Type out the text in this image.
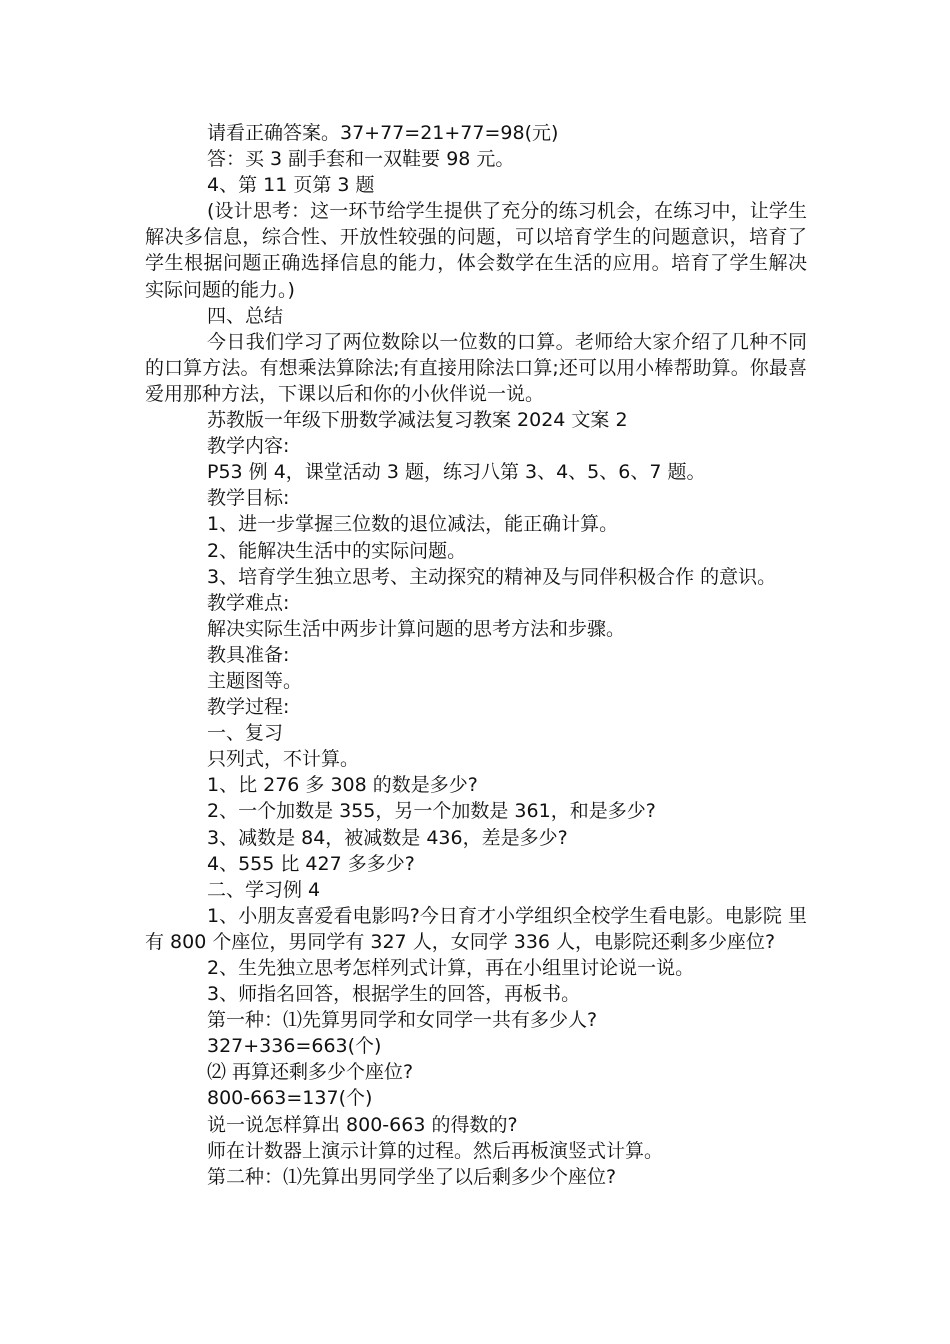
请看正确答案。37+77=21+77=98(元)
答：买 3 副手套和一双鞋要 98 元。
4、第 11 页第 3 题
(设计思考：这一环节给学生提供了充分的练习机会，在练习中，让学生解决多信息，综合性、开放性较强的问题，可以培育学生的问题意识，培育了学生根据问题正确选择信息的能力，体会数学在生活的应用。培育了学生解决实际问题的能力。)
四、总结
今日我们学习了两位数除以一位数的口算。老师给大家介绍了几种不同的口算方法。有想乘法算除法;有直接用除法口算;还可以用小棒帮助算。你最喜爱用那种方法，下课以后和你的小伙伴说一说。
苏教版一年级下册数学减法复习教案 2024 文案 2
教学内容:
P53 例 4，课堂活动 3 题，练习八第 3、4、5、6、7 题。
教学目标:
1、进一步掌握三位数的退位减法，能正确计算。
2、能解决生活中的实际问题。
3、培育学生独立思考、主动探究的精神及与同伴积极合作 的意识。
教学难点:
解决实际生活中两步计算问题的思考方法和步骤。
教具准备:
主题图等。
教学过程:
一、复习
只列式，不计算。
1、比 276 多 308 的数是多少?
2、一个加数是 355，另一个加数是 361，和是多少?
3、减数是 84，被减数是 436，差是多少?
4、555 比 427 多多少?
二、学习例 4
1、小朋友喜爱看电影吗?今日育才小学组织全校学生看电影。电影院 里有 800 个座位，男同学有 327 人，女同学 336 人，电影院还剩多少座位?
2、生先独立思考怎样列式计算，再在小组里讨论说一说。
3、师指名回答，根据学生的回答，再板书。
第一种：⑴先算男同学和女同学一共有多少人?
327+336=663(个)
⑵ 再算还剩多少个座位?
800-663=137(个)
说一说怎样算出 800-663 的得数的?
师在计数器上演示计算的过程。然后再板演竖式计算。
第二种：⑴先算出男同学坐了以后剩多少个座位?
